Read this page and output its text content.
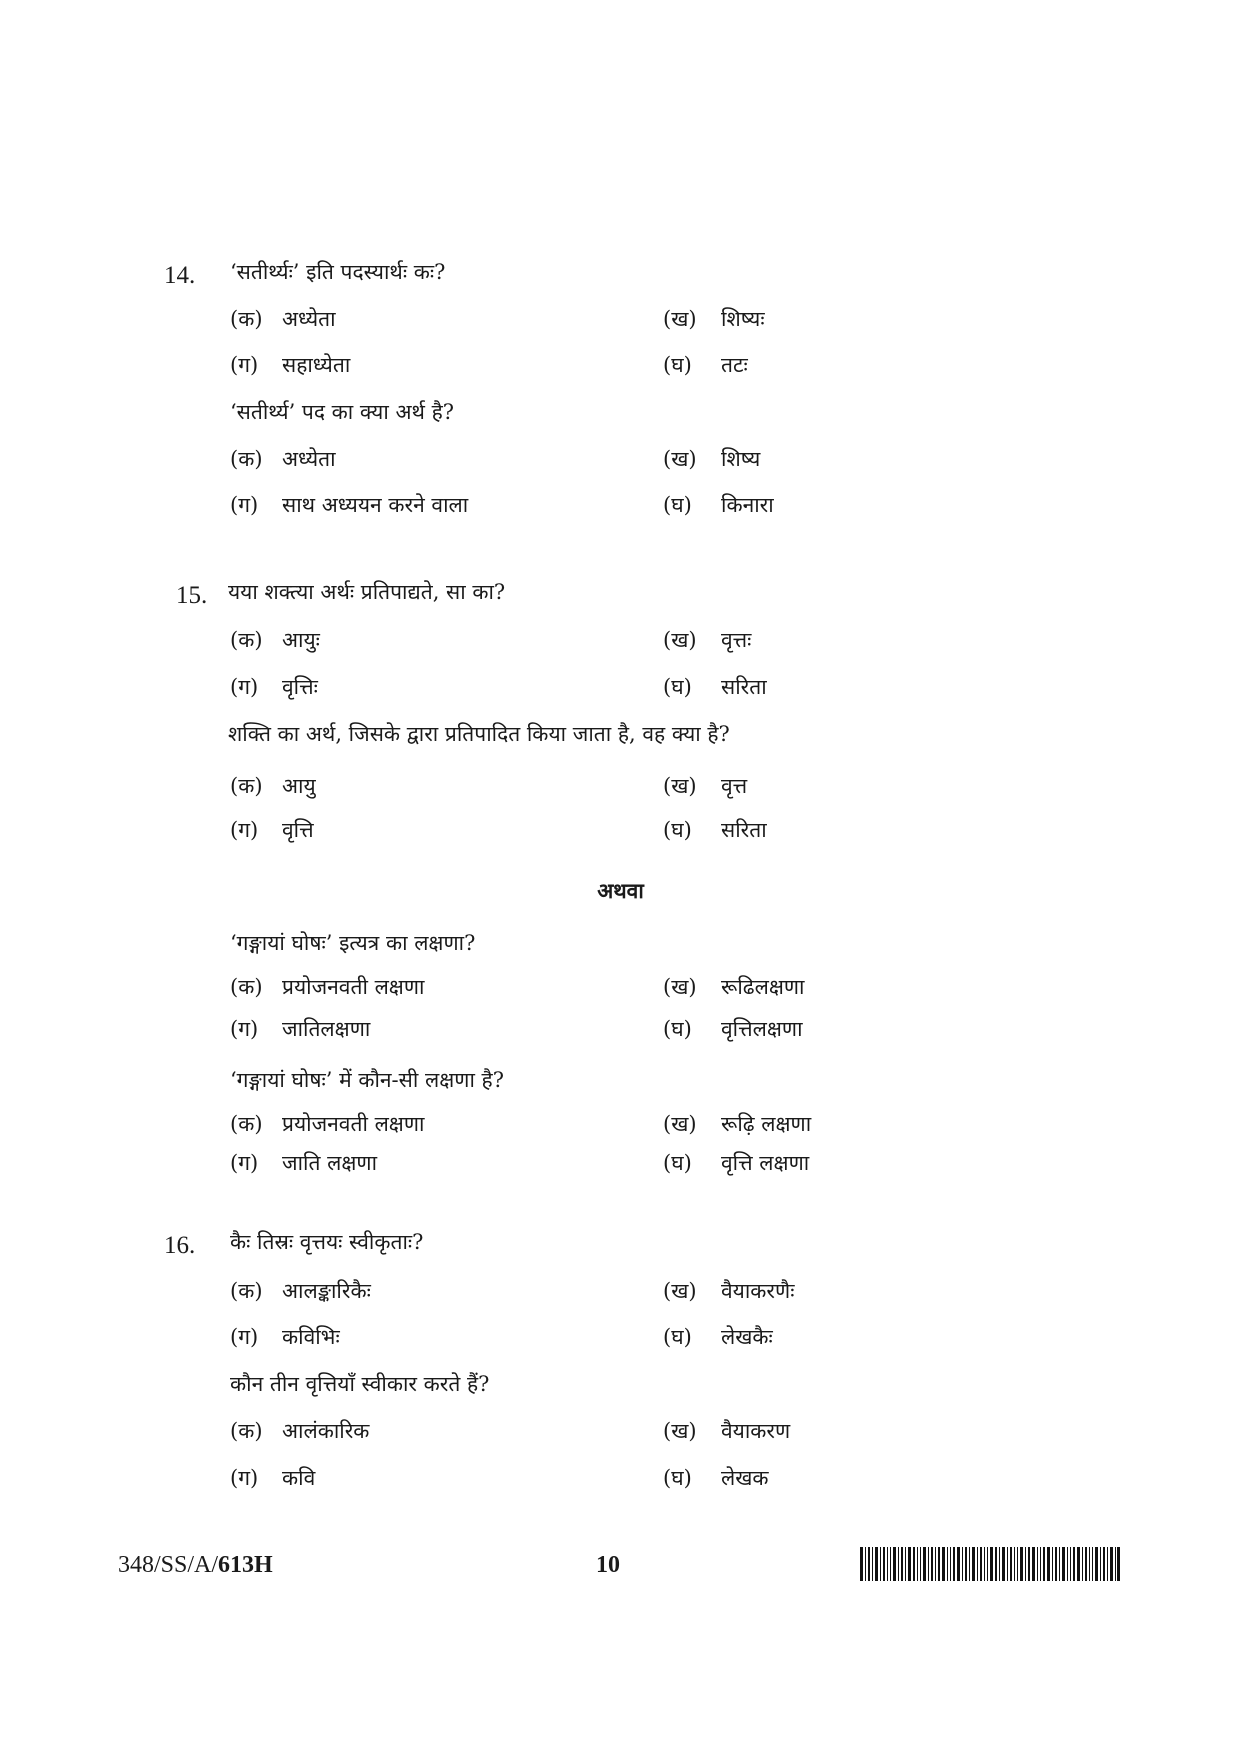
14. ‘सतीर्थ्यः’ इति पदस्यार्थः कः?
(क) अध्येता	(ख) शिष्यः
(ग) सहाध्येता	(घ) तटः
‘सतीर्थ्य’ पद का क्या अर्थ है?
(क) अध्येता	(ख) शिष्य
(ग) साथ अध्ययन करने वाला	(घ) किनारा
15. यया शक्त्या अर्थः प्रतिपाद्यते, सा का?
(क) आयुः	(ख) वृत्तः
(ग) वृत्तिः	(घ) सरिता
शक्ति का अर्थ, जिसके द्वारा प्रतिपादित किया जाता है, वह क्या है?
(क) आयु	(ख) वृत्त
(ग) वृत्ति	(घ) सरिता
अथवा
‘गङ्गायां घोषः’ इत्यत्र का लक्षणा?
(क) प्रयोजनवती लक्षणा	(ख) रूढिलक्षणा
(ग) जातिलक्षणा	(घ) वृत्तिलक्षणा
‘गङ्गायां घोषः’ में कौन-सी लक्षणा है?
(क) प्रयोजनवती लक्षणा	(ख) रूढ़ि लक्षणा
(ग) जाति लक्षणा	(घ) वृत्ति लक्षणा
16. कैः तिस्रः वृत्तयः स्वीकृताः?
(क) आलङ्कारिकैः	(ख) वैयाकरणैः
(ग) कविभिः	(घ) लेखकैः
कौन तीन वृत्तियाँ स्वीकार करते हैं?
(क) आलंकारिक	(ख) वैयाकरण
(ग) कवि	(घ) लेखक
348/SS/A/613H	10
